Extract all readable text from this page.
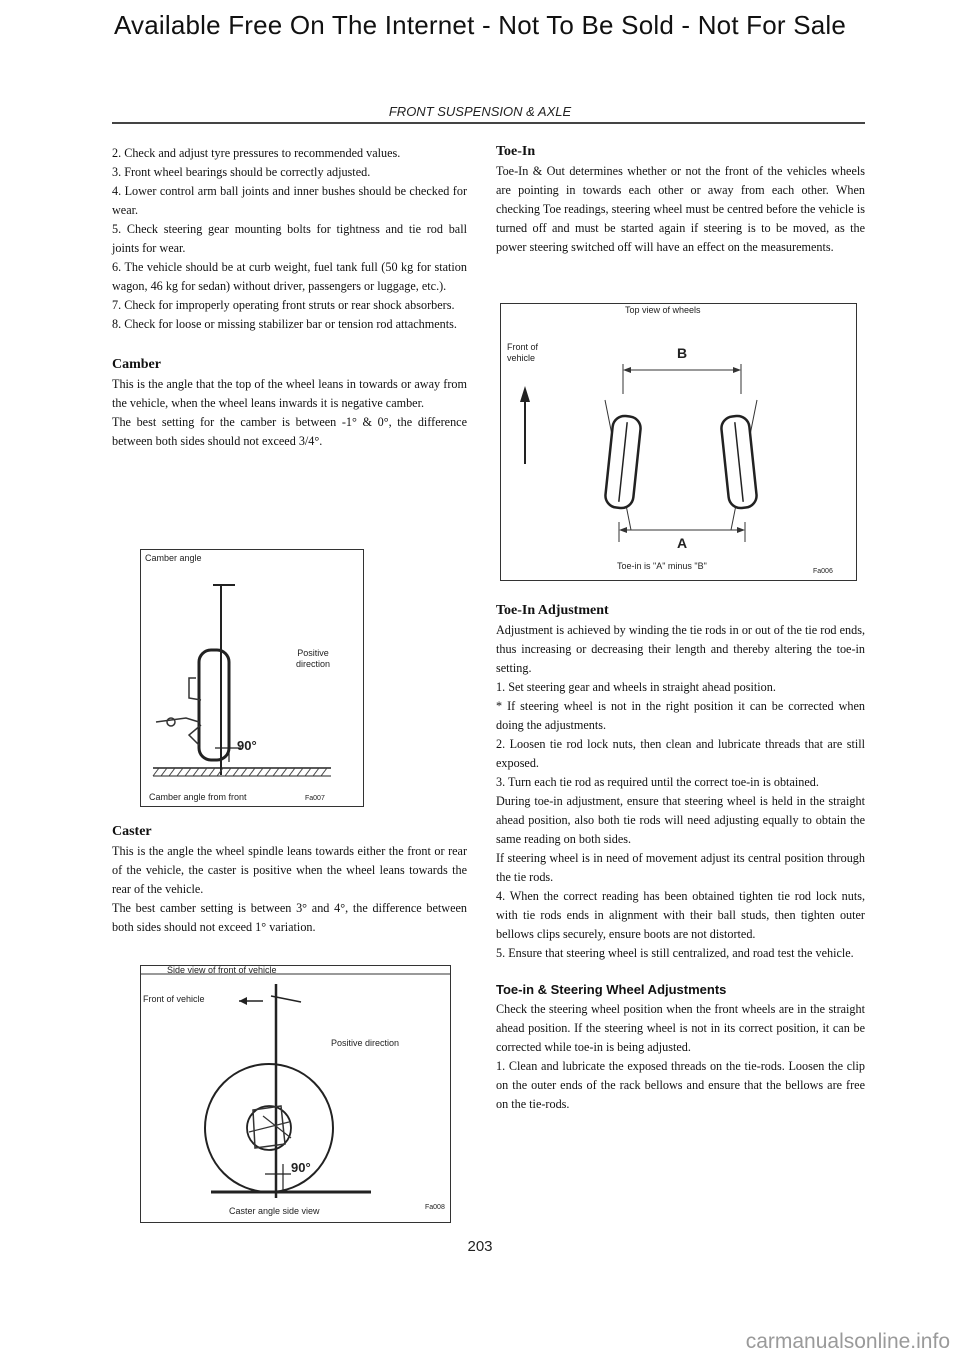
Available Free On The Internet - Not To Be Sold - Not For Sale
FRONT SUSPENSION & AXLE

2. Check and adjust tyre pressures to recommended values.

3. Front wheel bearings should be correctly adjusted.

4. Lower control arm ball joints and inner bushes should be checked for wear.

5. Check steering gear mounting bolts for tightness and tie rod ball joints for wear.

6. The vehicle should be at curb weight, fuel tank full (50 kg for station wagon, 46 kg for sedan) without driver, passengers or luggage, etc.).

7. Check for improperly operating front struts or rear shock absorbers.

8. Check for loose or missing stabilizer bar or tension rod attachments.

Camber

This is the angle that the top of the wheel leans in towards or away from the vehicle, when the wheel leans inwards it is negative camber.

The best setting for the camber is between -1° & 0°, the difference between both sides should not exceed 3/4°.

Camber angle
Positive direction
90°
Camber angle from front	Fa007
Caster

This is the angle the wheel spindle leans towards either the front or rear of the vehicle, the caster is positive when the wheel leans towards the rear of the vehicle.

The best camber setting is between 3° and 4°, the difference between both sides should not exceed 1° variation.

Side view of front of vehicle
Front of vehicle
Positive direction
90°
Caster angle side view	Fa008
Toe-In

Toe-In & Out determines whether or not the front of the vehicles wheels are pointing in towards each other or away from each other. When checking Toe readings, steering wheel must be centred before the vehicle is turned off and must be started again if steering is to be moved, as the power steering switched off will have an effect on the measurements.

Top view of wheels
Front of vehicle	B
A
Toe-in is "A" minus "B"
Fa006
Toe-In Adjustment

Adjustment is achieved by winding the tie rods in or out of the tie rod ends, thus increasing or decreasing their length and thereby altering the toe-in setting.

1. Set steering gear and wheels in straight ahead position.

* If steering wheel is not in the right position it can be corrected when doing the adjustments.

2. Loosen tie rod lock nuts, then clean and lubricate threads that are still exposed.

3. Turn each tie rod as required until the correct toe-in is obtained.

During toe-in adjustment, ensure that steering wheel is held in the straight ahead position, also both tie rods will need adjusting equally to obtain the same reading on both sides.

If steering wheel is in need of movement adjust its central position through the tie rods.

4. When the correct reading has been obtained tighten tie rod lock nuts, with tie rods ends in alignment with their ball studs, then tighten outer bellows clips securely, ensure boots are not distorted.

5. Ensure that steering wheel is still centralized, and road test the vehicle.

Toe-in & Steering Wheel Adjustments

Check the steering wheel position when the front wheels are in the straight ahead position. If the steering wheel is not in its correct position, it can be corrected while toe-in is being adjusted.

1. Clean and lubricate the exposed threads on the tie-rods. Loosen the clip on the outer ends of the rack bellows and ensure that the bellows are free on the tie-rods.

203
carmanualsonline.info
